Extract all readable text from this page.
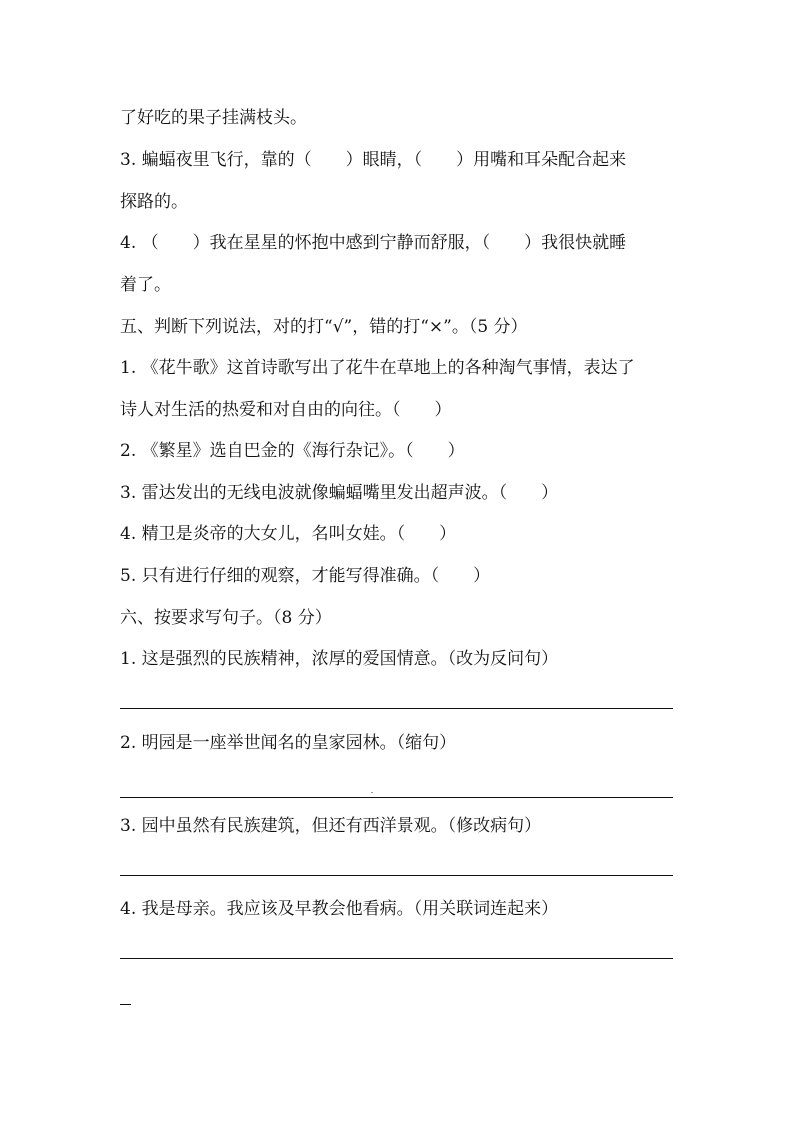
了好吃的果子挂满枝头。

3. 蝙蝠夜里飞行，靠的（　　）眼睛，（　　）用嘴和耳朵配合起来

探路的。

4. （　　）我在星星的怀抱中感到宁静而舒服，（　　）我很快就睡

着了。

五、判断下列说法，对的打“√”，错的打“×”。（5 分）

1. 《花牛歌》这首诗歌写出了花牛在草地上的各种淘气事情，表达了

诗人对生活的热爱和对自由的向往。（　　）

2. 《繁星》选自巴金的《海行杂记》。（　　）

3. 雷达发出的无线电波就像蝙蝠嘴里发出超声波。（　　）

4. 精卫是炎帝的大女儿，名叫女娃。（　　）

5. 只有进行仔细的观察，才能写得准确。（　　）

六、按要求写句子。（8 分）

1. 这是强烈的民族精神，浓厚的爱国情意。（改为反问句）

2. 明园是一座举世闻名的皇家园林。（缩句）

3. 园中虽然有民族建筑，但还有西洋景观。（修改病句）

4. 我是母亲。我应该及早教会他看病。（用关联词连起来）
